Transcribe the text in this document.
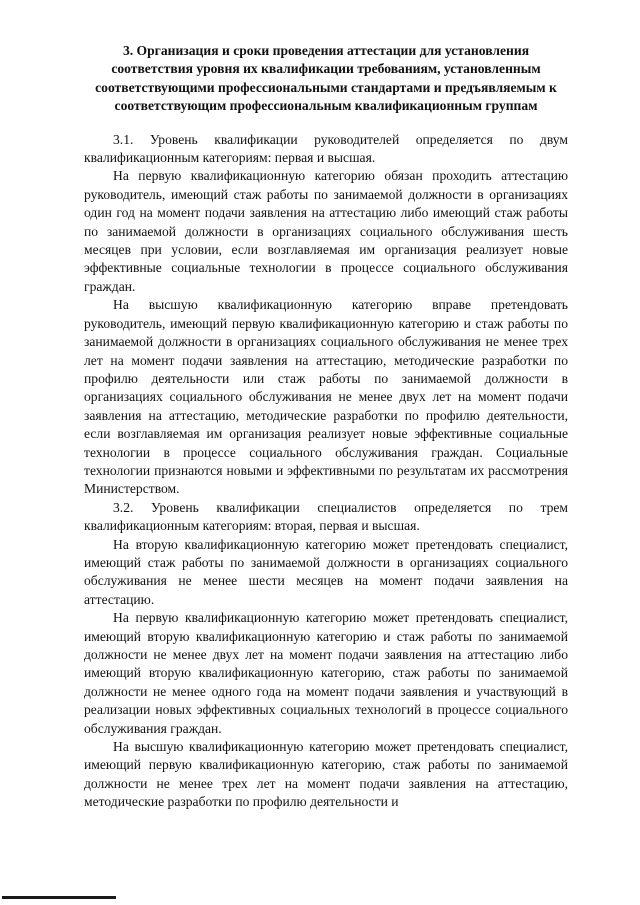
3. Организация и сроки проведения аттестации для установления соответствия уровня их квалификации требованиям, установленным соответствующими профессиональными стандартами и предъявляемым к соответствующим профессиональным квалификационным группам

3.1. Уровень квалификации руководителей определяется по двум квалификационным категориям: первая и высшая.

На первую квалификационную категорию обязан проходить аттестацию руководитель, имеющий стаж работы по занимаемой должности в организациях один год на момент подачи заявления на аттестацию либо имеющий стаж работы по занимаемой должности в организациях социального обслуживания шесть месяцев при условии, если возглавляемая им организация реализует новые эффективные социальные технологии в процессе социального обслуживания граждан.

На высшую квалификационную категорию вправе претендовать руководитель, имеющий первую квалификационную категорию и стаж работы по занимаемой должности в организациях социального обслуживания не менее трех лет на момент подачи заявления на аттестацию, методические разработки по профилю деятельности или стаж работы по занимаемой должности в организациях социального обслуживания не менее двух лет на момент подачи заявления на аттестацию, методические разработки по профилю деятельности, если возглавляемая им организация реализует новые эффективные социальные технологии в процессе социального обслуживания граждан. Социальные технологии признаются новыми и эффективными по результатам их рассмотрения Министерством.

3.2. Уровень квалификации специалистов определяется по трем квалификационным категориям: вторая, первая и высшая.

На вторую квалификационную категорию может претендовать специалист, имеющий стаж работы по занимаемой должности в организациях социального обслуживания не менее шести месяцев на момент подачи заявления на аттестацию.

На первую квалификационную категорию может претендовать специалист, имеющий вторую квалификационную категорию и стаж работы по занимаемой должности не менее двух лет на момент подачи заявления на аттестацию либо имеющий вторую квалификационную категорию, стаж работы по занимаемой должности не менее одного года на момент подачи заявления и участвующий в реализации новых эффективных социальных технологий в процессе социального обслуживания граждан.

На высшую квалификационную категорию может претендовать специалист, имеющий первую квалификационную категорию, стаж работы по занимаемой должности не менее трех лет на момент подачи заявления на аттестацию, методические разработки по профилю деятельности и
